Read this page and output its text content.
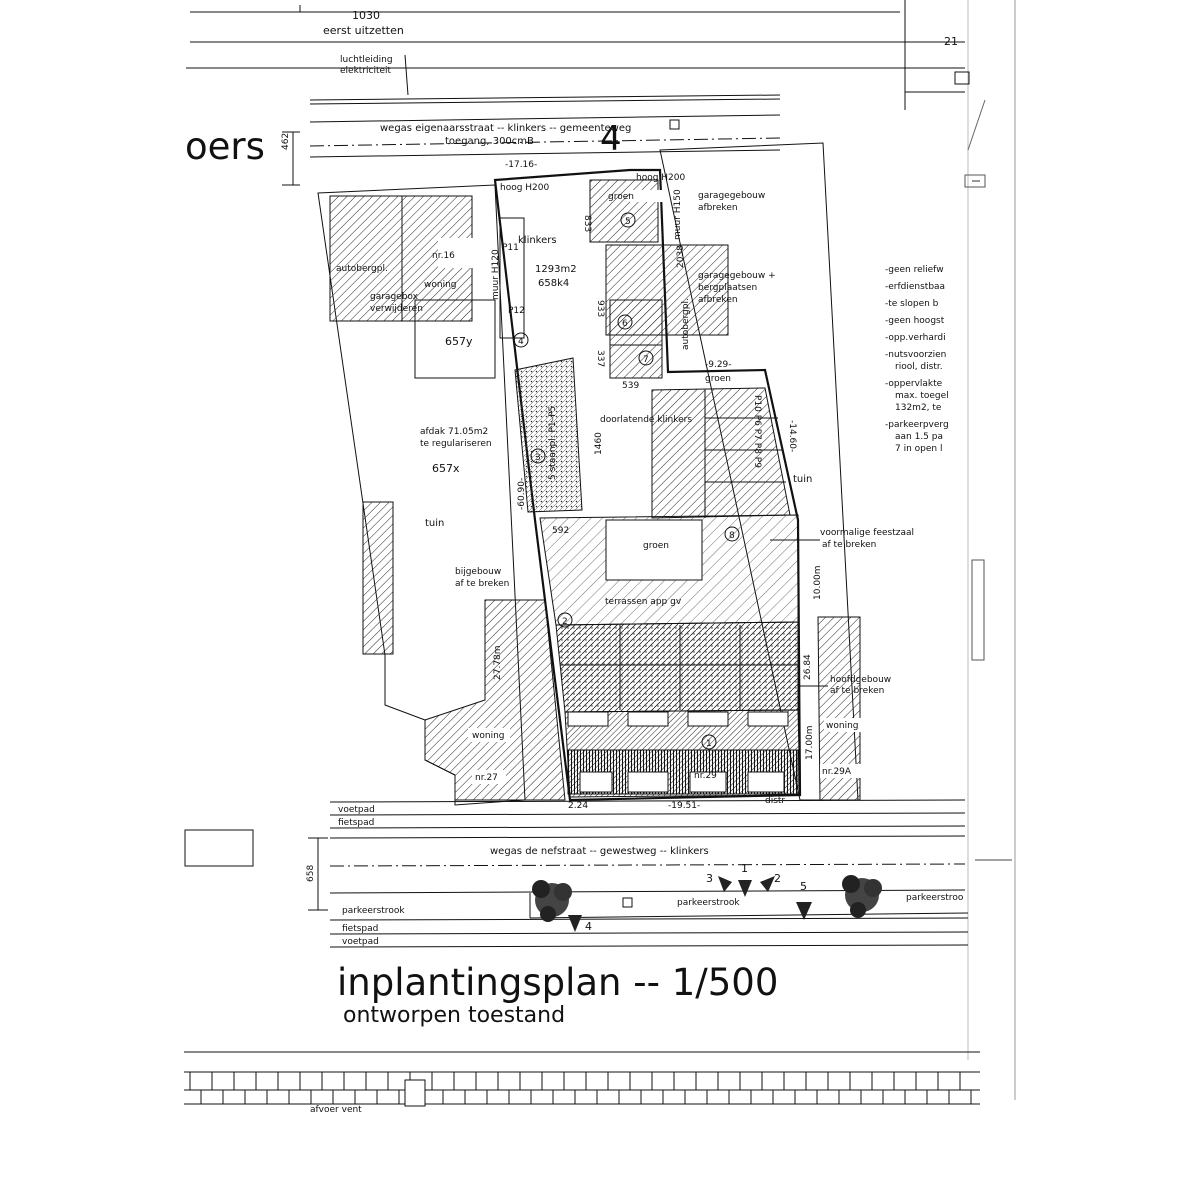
1030
eerst uitzetten
21
luchtleiding
elektriciteit
wegas eigenaarsstraat -- klinkers -- gemeenteweg
toegang, 300cmB 4
462
oers
autobergpl.
nr.16
woning
garagebox
verwijderen
657y
afdak 71.05m2
te regulariseren
657x
tuin
bijgebouw
af te breken
woning
nr.27
woning
nr.29A
hoofdgebouw
af te breken
voormalige feestzaal
af te breken
tuin
groen
hoog H200
hoog H200
-17.16-
muur H150
muur H120
garagegebouw
afbreken
garagegebouw +
bergplaatsen
afbreken
833
933
2038
autobergpl.
337
539
-9.29-
groen
P11
P12
klinkers
1293m2
658k4
5 staanpl. P1–P5	1460
-60.90-
27.78m
P10 P6 P7 P8 P9
doorlatende klinkers	-14.60-
groen
terrassen app gv
10.00m
26.84
nr.29
17.00m
distr
1
2
3
4
5
6
7
8
-geen reliefw
-erfdienstbaa
-te slopen b
-geen hoogst
-opp.verhardi
-nutsvoorzien
riool, distr.
-oppervlakte
max. toegel
132m2, te
-parkeerpverg
aan 1.5 pa
7 in open l
voetpad
fietspad
2.24	-19.51-
wegas de nefstraat -- gewestweg -- klinkers
658
parkeerstrook
parkeerstrook	parkeerstroo
fietspad
voetpad
1
2
3
4
5
inplantingsplan -- 1/500
ontworpen toestand
afvoer vent
